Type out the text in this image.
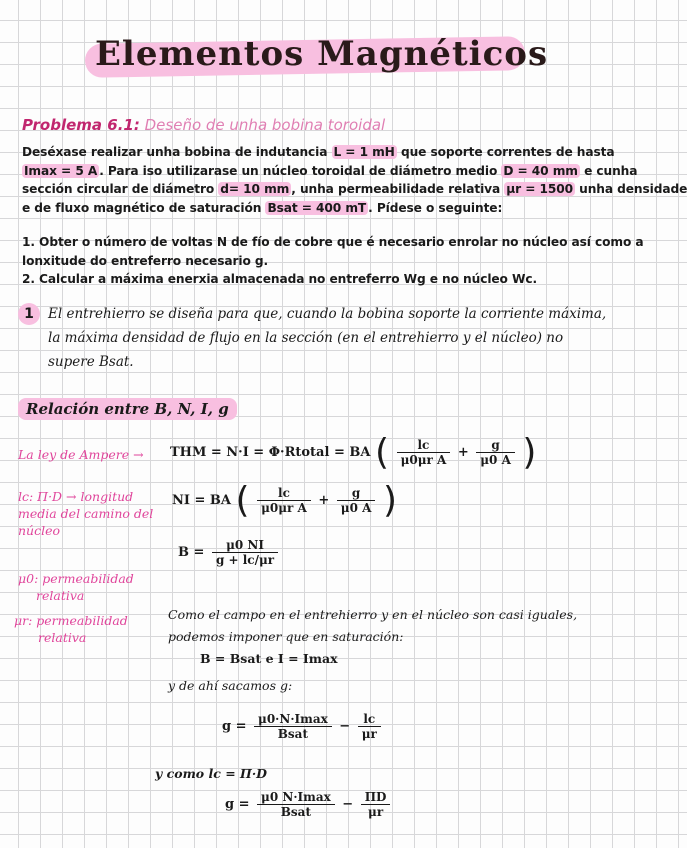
Elementos Magnéticos
Problema 6.1: Deseño de unha bobina toroidal
Deséxase realizar unha bobina de indutancia L = 1 mH que soporte correntes de hasta
Imax = 5 A . Para iso utilizarase un núcleo toroidal de diámetro medio D = 40 mm e cunha
sección circular de diámetro d= 10 mm , unha permeabilidade relativa μr = 1500 unha densidade
e de fluxo magnético de saturación Bsat = 400 mT . Pídese o seguinte:
1. Obter o número de voltas N de fío de cobre que é necesario enrolar no núcleo así como a
lonxitude do entreferro necesario g.
2. Calcular a máxima enerxia almacenada no entreferro Wg e no núcleo Wc.
1	El entrehierro se diseña para que, cuando la bobina soporte la corriente máxima,
la máxima densidad de flujo en la sección (en el entrehierro y el núcleo) no
supere Bsat.
Relación entre B, N, I, g
La ley de Ampere →
lc: Π·D → longitud
media del camino del
núcleo
μ0: permeabilidad
relativa
μr: permeabilidad
relativa
THM = N·I = Φ·Rtotal = BA ( $\frac{lc}{\text{μ0μr A}} + \frac{g}{\mu 0 A}$ )
NI = BA ( $\frac{lc}{\text{μ0μr A}} + \frac{g}{\mu 0 A}$ )
$B = \frac{\mu 0 NI}{g + lc/\mu r}$
Como el campo en el entrehierro y en el núcleo son casi iguales,
podemos imponer que en saturación:
B = Bsat e I = Imax
y de ahí sacamos g:
$g = \frac{\mu 0\cdot N\cdot Imax}{\text{Bsat}} - \frac{lc}{\mu r}$
y como lc = Π·D
$g = \frac{\mu 0 N\cdot Imax}{\text{Bsat}} - \frac{\Pi D}{\mu r}$
